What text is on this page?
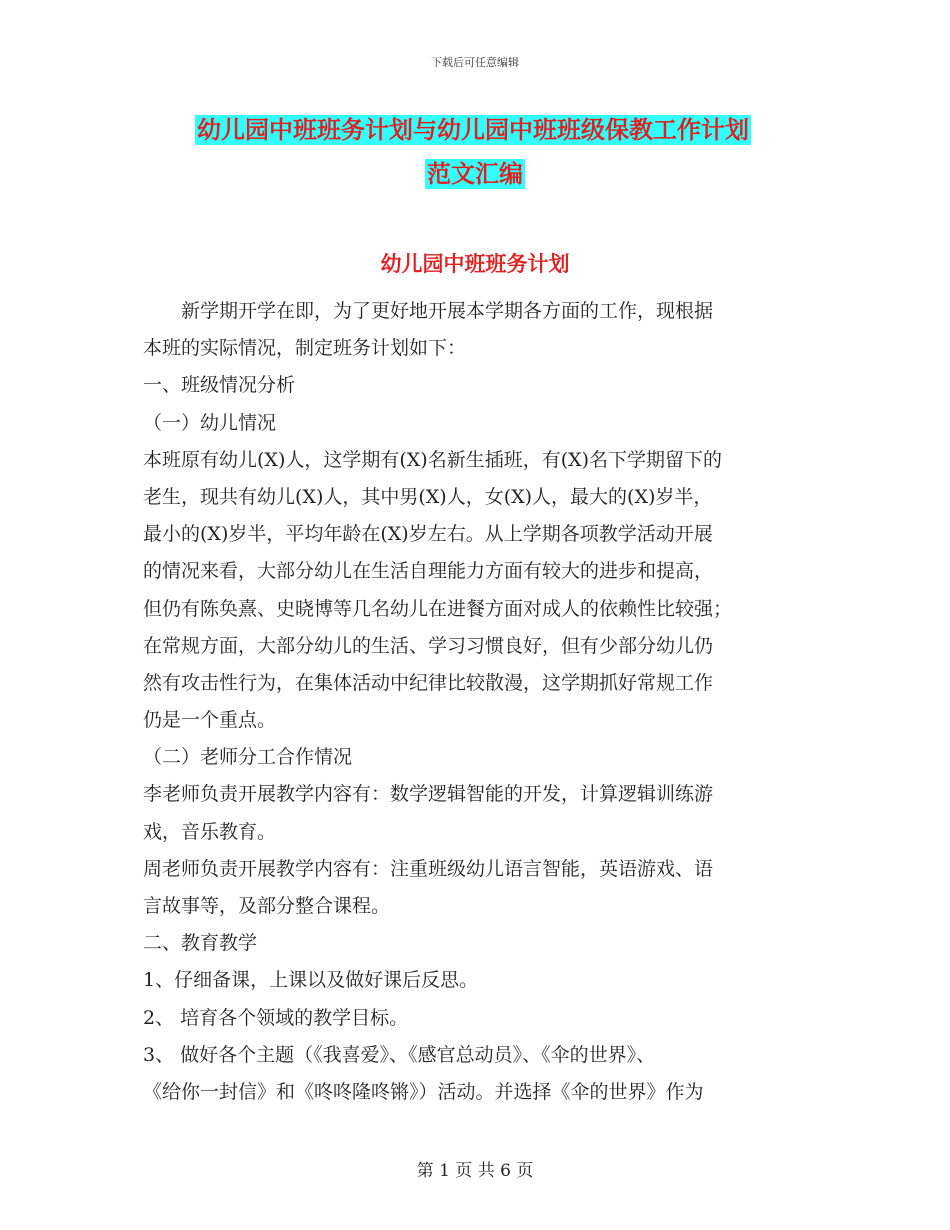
下载后可任意编辑
幼儿园中班班务计划与幼儿园中班班级保教工作计划
范文汇编
幼儿园中班班务计划
新学期开学在即，为了更好地开展本学期各方面的工作，现根据
本班的实际情况，制定班务计划如下：
一、班级情况分析
（一）幼儿情况
本班原有幼儿(X)人，这学期有(X)名新生插班，有(X)名下学期留下的
老生，现共有幼儿(X)人，其中男(X)人，女(X)人，最大的(X)岁半，
最小的(X)岁半，平均年龄在(X)岁左右。从上学期各项教学活动开展
的情况来看，大部分幼儿在生活自理能力方面有较大的进步和提高，
但仍有陈奂熹、史晓博等几名幼儿在进餐方面对成人的依赖性比较强；
在常规方面，大部分幼儿的生活、学习习惯良好，但有少部分幼儿仍
然有攻击性行为，在集体活动中纪律比较散漫，这学期抓好常规工作
仍是一个重点。
（二）老师分工合作情况
李老师负责开展教学内容有：数学逻辑智能的开发，计算逻辑训练游
戏，音乐教育。
周老师负责开展教学内容有：注重班级幼儿语言智能，英语游戏、语
言故事等，及部分整合课程。
二、教育教学
1、仔细备课，上课以及做好课后反思。
2、 培育各个领域的教学目标。
3、 做好各个主题（《我喜爱》、《感官总动员》、《伞的世界》、
《给你一封信》和《咚咚隆咚锵》）活动。并选择《伞的世界》作为
第 1 页 共 6 页
